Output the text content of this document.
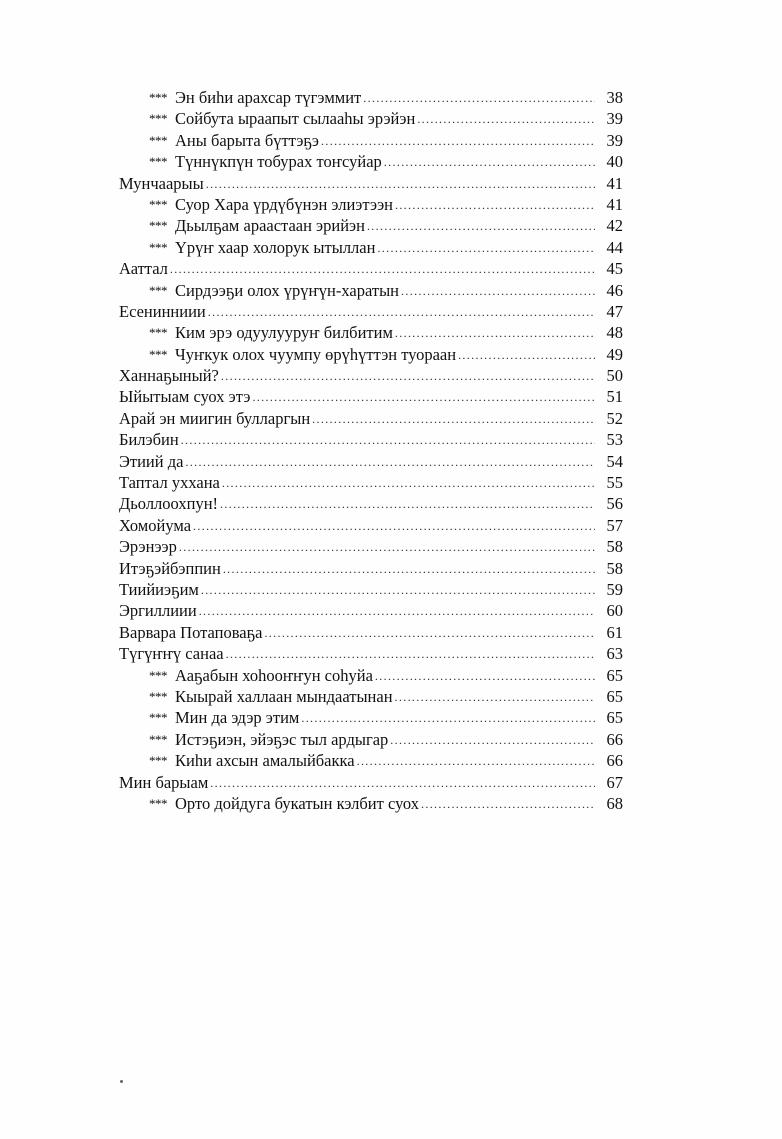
*** Эн биһи арахсар түгэммит .....	38
*** Сойбута ыраапыт сылааһы эрэйэн .....	39
*** Аны барыта бүттэҕэ .....	39
*** Түннүкпүн тобурах тоҥсуйар .....	40
Мунчаарыы .....	41
*** Суор Хара үрдүбүнэн элиэтээн .....	41
*** Дьылҕам араастаан эрийэн .....	42
*** Үрүҥ хаар холорук ытыллан .....	44
Ааттал .....	45
*** Сирдээҕи олох үрүҥүн-харатын .....	46
Есенинниии .....	47
*** Ким эрэ одуулууруҥ билбитим .....	48
*** Чуҥкук олох чуумпу өрүһүттэн туораан .....	49
Ханнаҕыный? .....	50
Ыйытыам суох этэ .....	51
Арай эн миигин булларгын .....	52
Билэбин .....	53
Этиий да .....	54
Таптал уххана .....	55
Дьоллоохпун! .....	56
Хомойума .....	57
Эрэнээр .....	58
Итэҕэйбэппин .....	58
Тиийиэҕим .....	59
Эргиллиии .....	60
Варвара Потаповаҕа .....	61
Түгүҥҥү санаа .....	63
*** Ааҕабын хоһооҥҥун соһуйа .....	65
*** Кыырай халлаан мындаатынан .....	65
*** Мин да эдэр этим .....	65
*** Истэҕиэн, эйэҕэс тыл ардыгар .....	66
*** Киһи ахсын амалыйбакка .....	66
Мин барыам .....	67
*** Орто дойдуга букатын кэлбит суох .....	68
